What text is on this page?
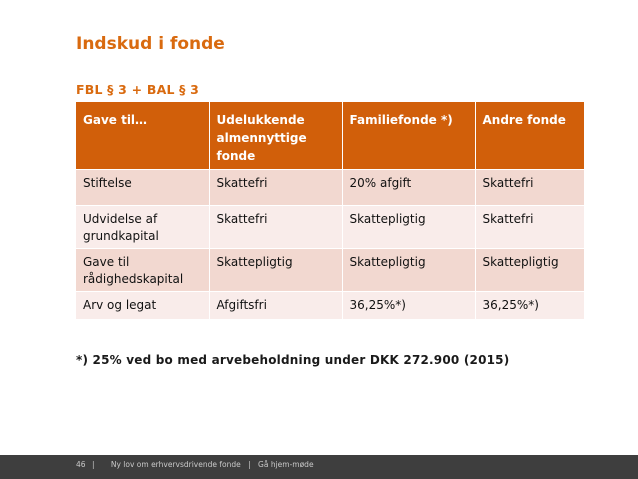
Indskud i fonde
FBL § 3 + BAL § 3
Gave til…	Udelukkende almennyttige fonde	Familiefonde *)	Andre fonde
Stiftelse	Skattefri	20% afgift	Skattefri
Udvidelse af grundkapital	Skattefri	Skattepligtig	Skattefri
Gave til rådighedskapital	Skattepligtig	Skattepligtig	Skattepligtig
Arv og legat	Afgiftsfri	36,25%*)	36,25%*)
*) 25% ved bo med arvebeholdning under DKK 272.900 (2015)
46 | Ny lov om erhvervsdrivende fonde | Gå hjem-møde
